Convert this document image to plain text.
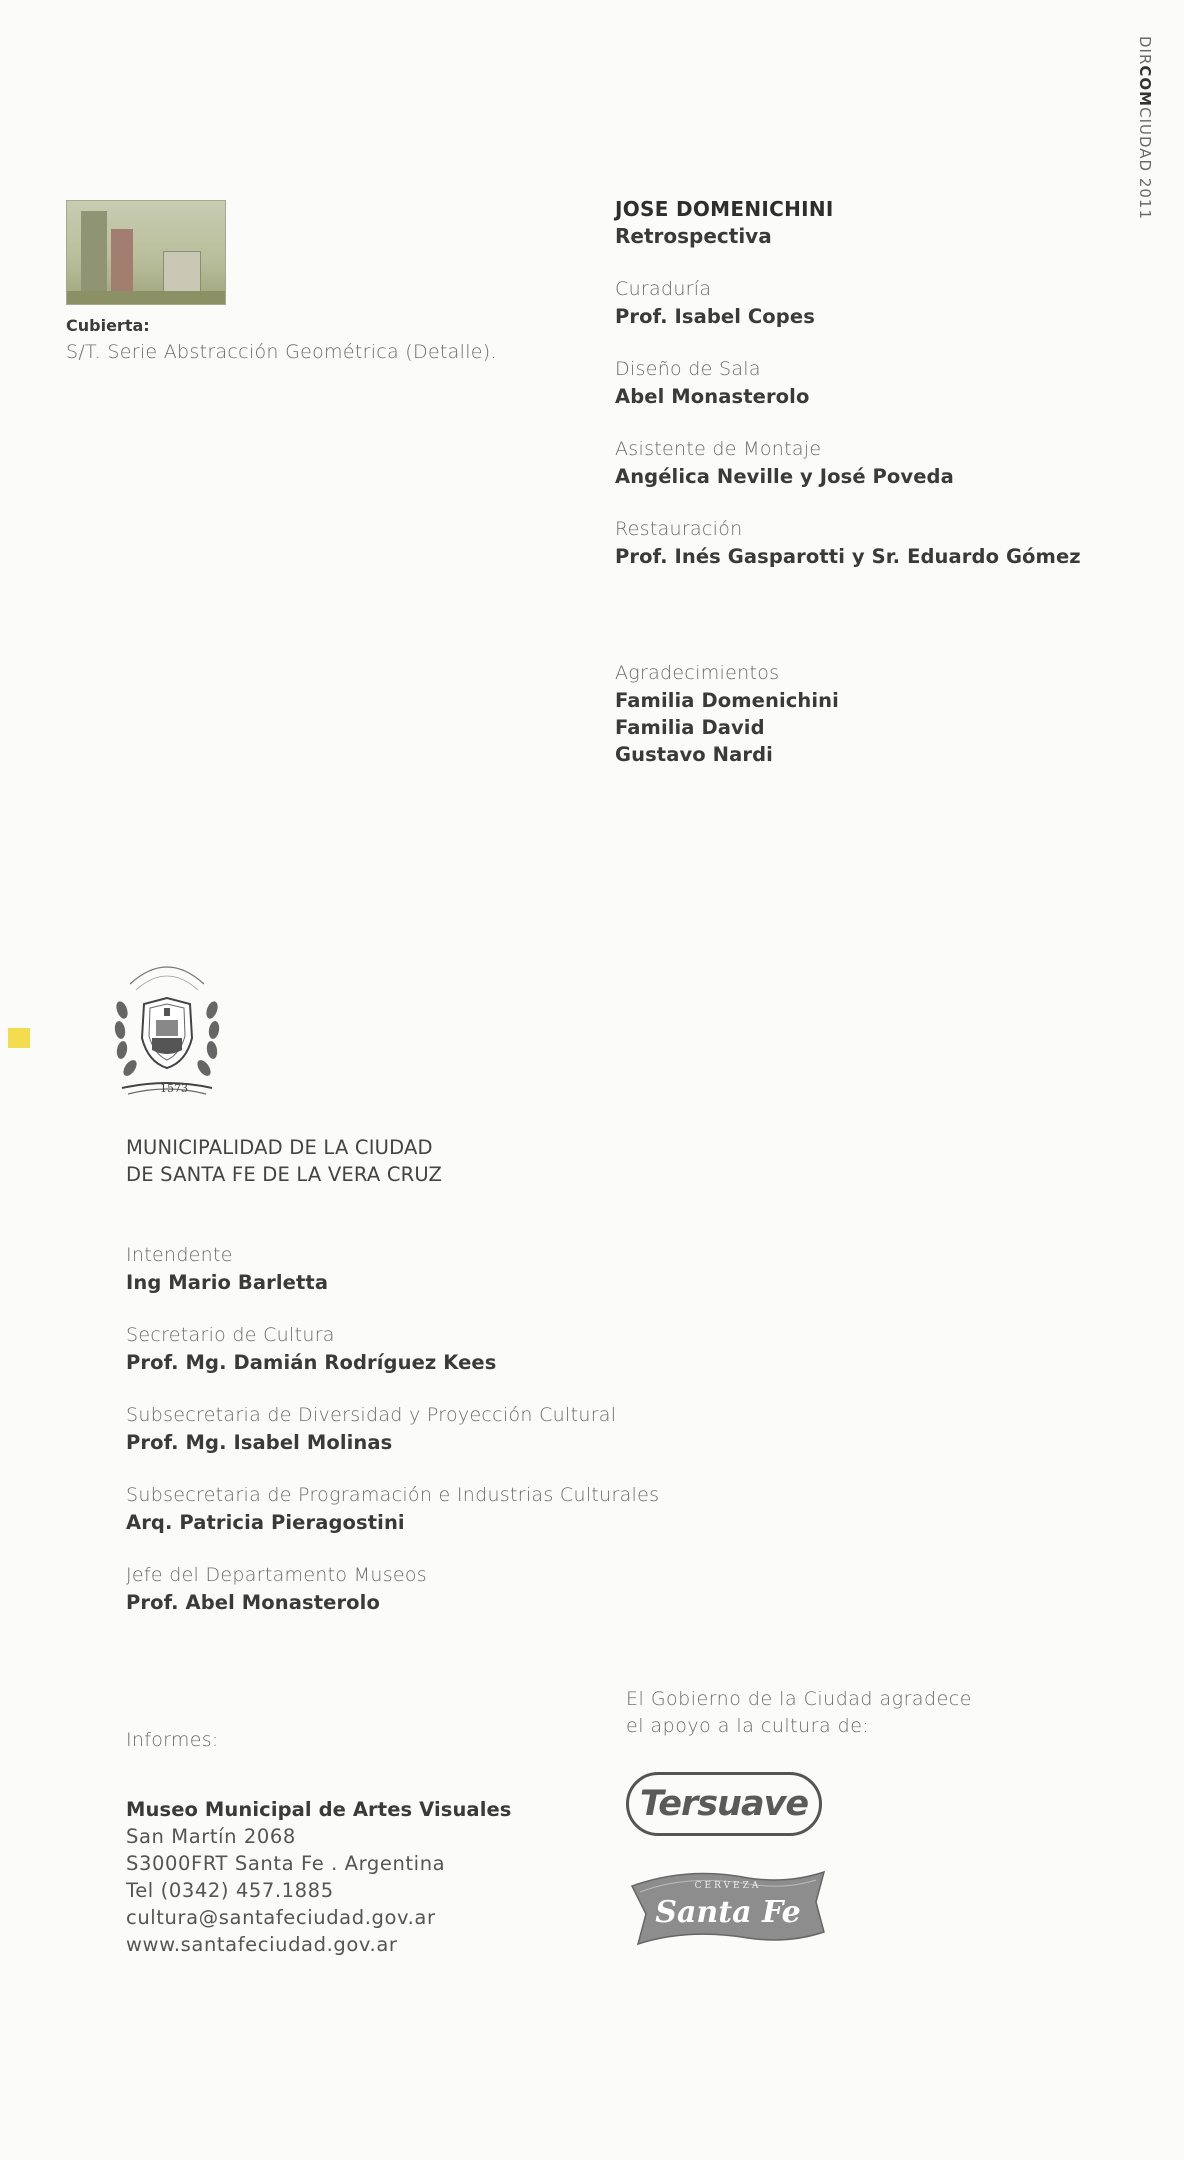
DIRCOMCIUDAD 2011
Cubierta:
S/T. Serie Abstracción Geométrica (Detalle).
JOSE DOMENICHINI
Retrospectiva
Curaduría
Prof. Isabel Copes
Diseño de Sala
Abel Monasterolo
Asistente de Montaje
Angélica Neville y José Poveda
Restauración
Prof. Inés Gasparotti y Sr. Eduardo Gómez
Agradecimientos
Familia Domenichini
Familia David
Gustavo Nardi
1573
MUNICIPALIDAD DE LA CIUDAD
DE SANTA FE DE LA VERA CRUZ
Intendente
Ing Mario Barletta
Secretario de Cultura
Prof. Mg. Damián Rodríguez Kees
Subsecretaria de Diversidad y Proyección Cultural
Prof. Mg. Isabel Molinas
Subsecretaria de Programación e Industrias Culturales
Arq. Patricia Pieragostini
Jefe del Departamento Museos
Prof. Abel Monasterolo
Informes:
Museo Municipal de Artes Visuales
San Martín 2068
S3000FRT Santa Fe . Argentina
Tel (0342) 457.1885
cultura@santafeciudad.gov.ar
www.santafeciudad.gov.ar
El Gobierno de la Ciudad agradece
el apoyo a la cultura de:
Tersuave
CERVEZA
Santa Fe
